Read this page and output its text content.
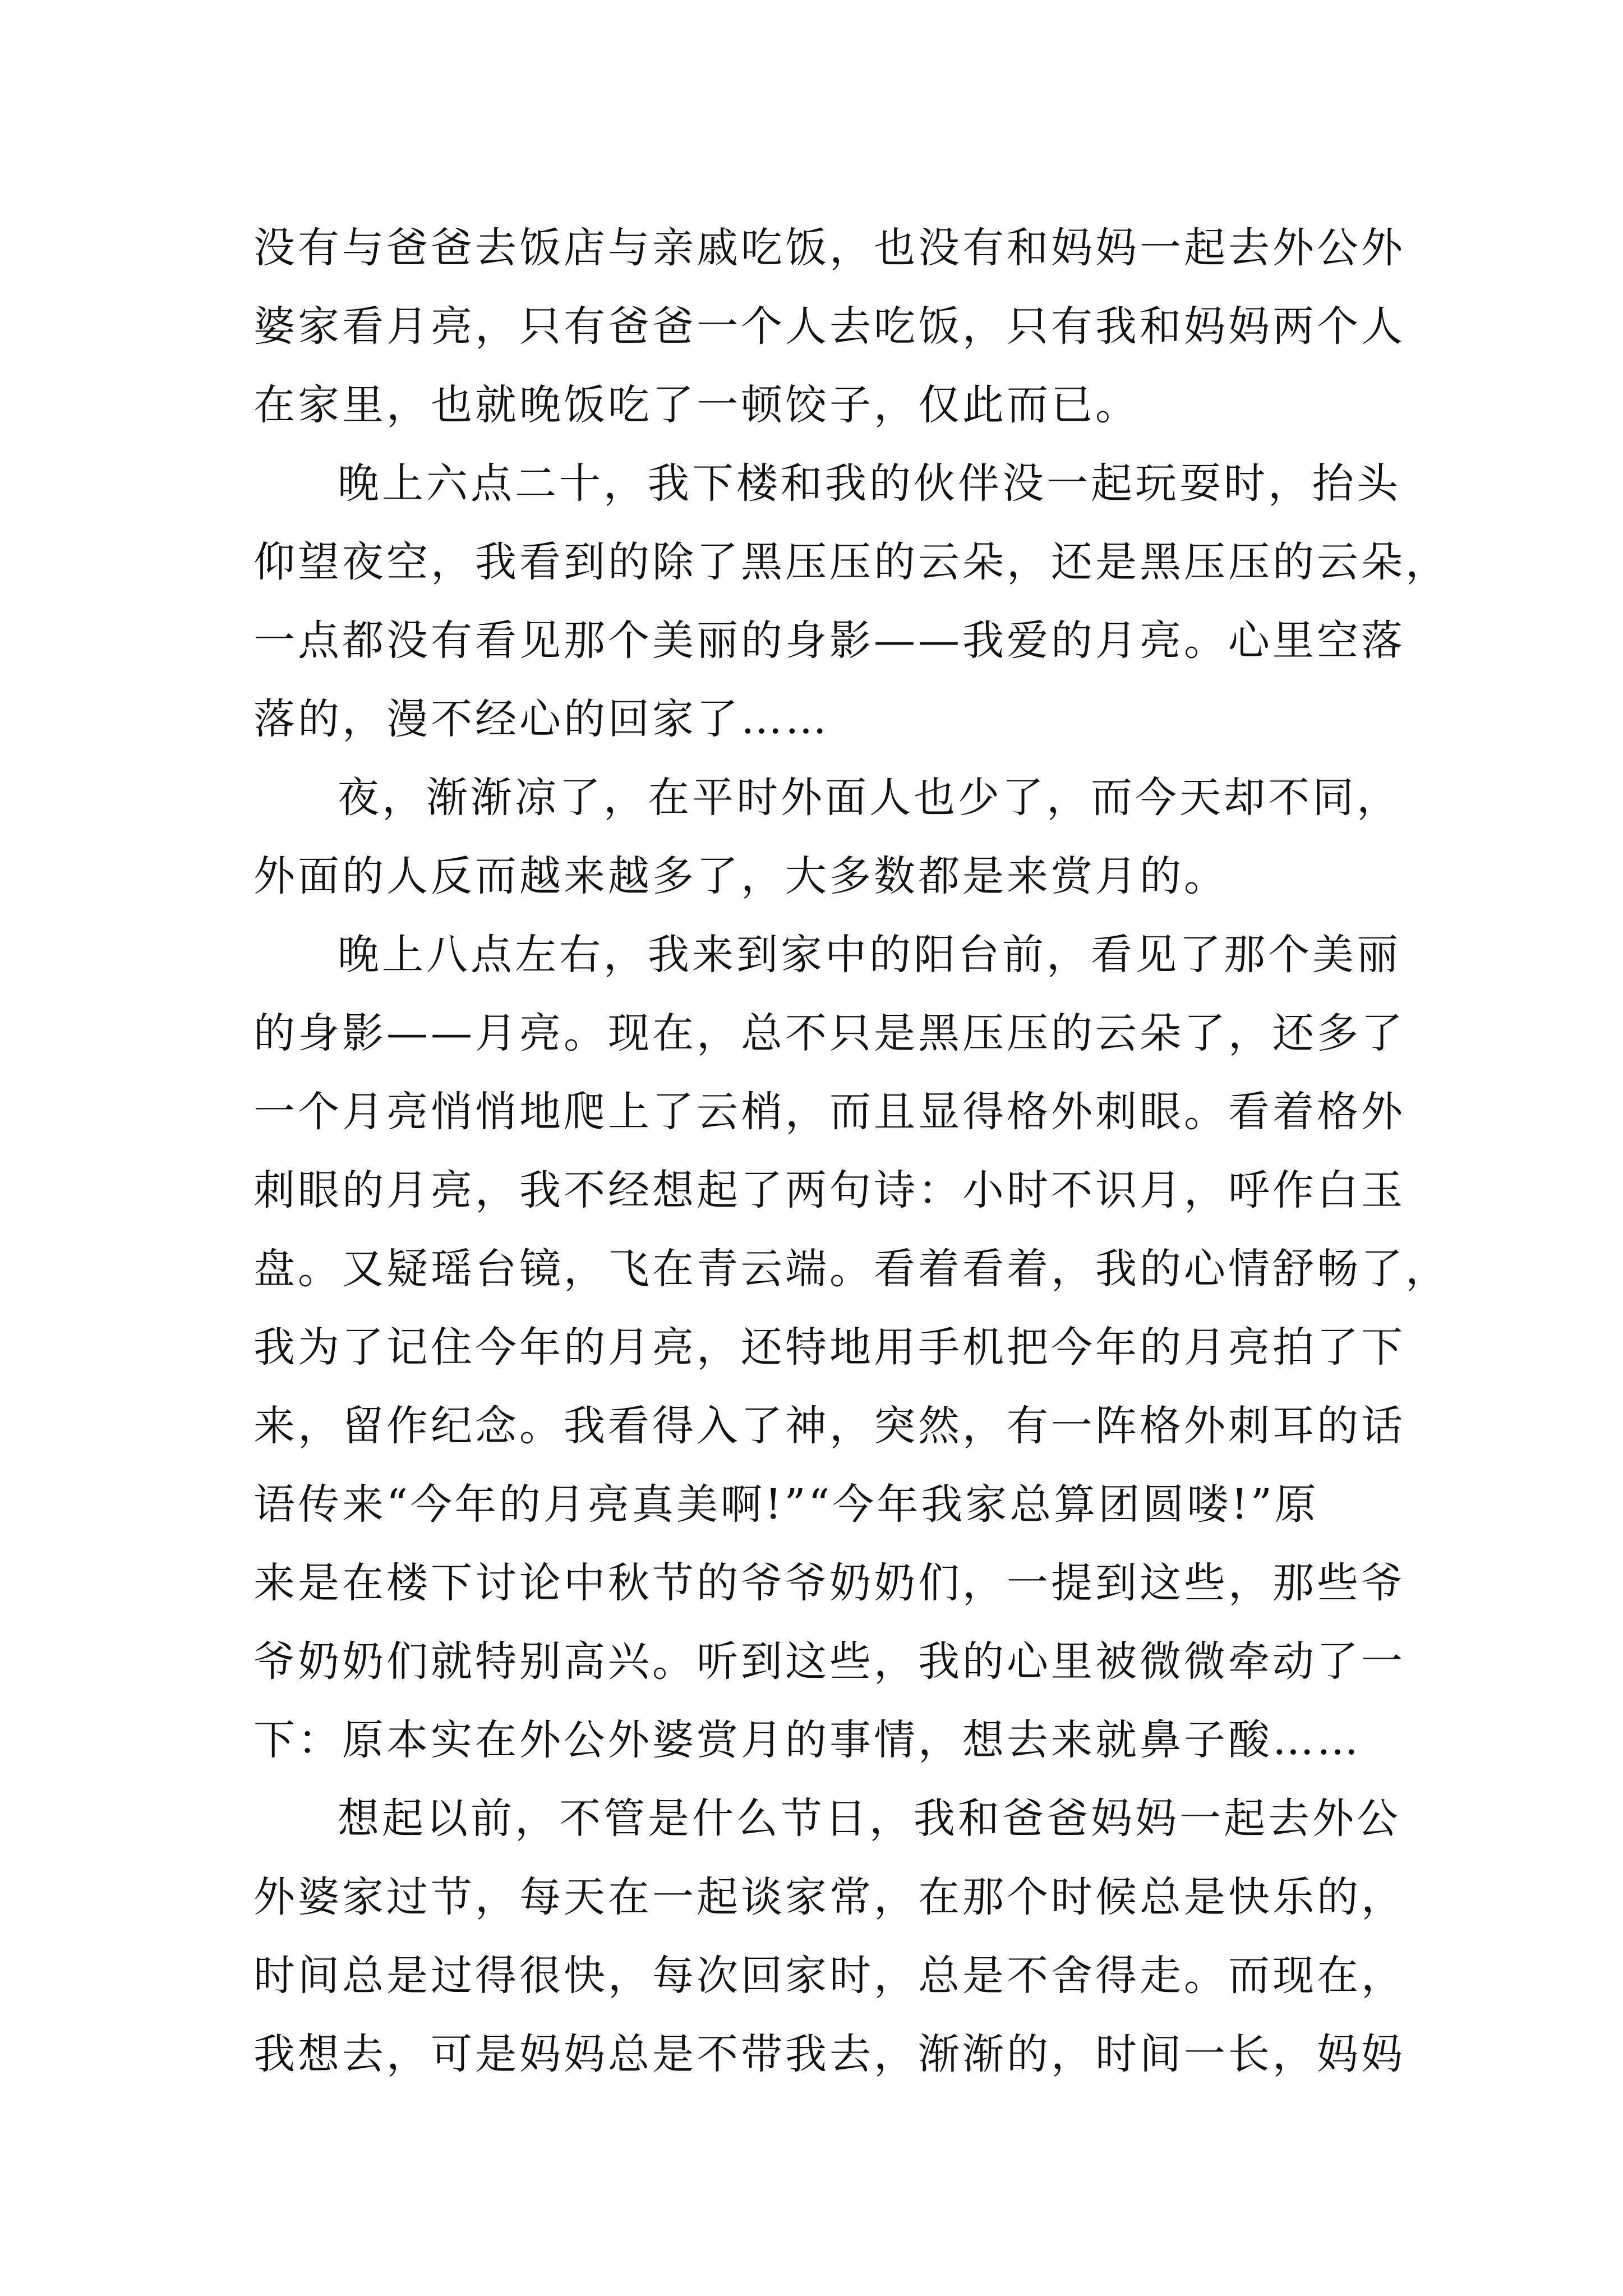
没有与爸爸去饭店与亲戚吃饭，也没有和妈妈一起去外公外
婆家看月亮，只有爸爸一个人去吃饭，只有我和妈妈两个人
在家里，也就晚饭吃了一顿饺子，仅此而已。
晚上六点二十，我下楼和我的伙伴没一起玩耍时，抬头
仰望夜空，我看到的除了黑压压的云朵，还是黑压压的云朵，
一点都没有看见那个美丽的身影——我爱的月亮。心里空落
落的，漫不经心的回家了……
夜，渐渐凉了，在平时外面人也少了，而今天却不同，
外面的人反而越来越多了，大多数都是来赏月的。
晚上八点左右，我来到家中的阳台前，看见了那个美丽
的身影——月亮。现在，总不只是黑压压的云朵了，还多了
一个月亮悄悄地爬上了云梢，而且显得格外刺眼。看着格外
刺眼的月亮，我不经想起了两句诗：小时不识月，呼作白玉
盘。又疑瑶台镜，飞在青云端。看着看着，我的心情舒畅了，
我为了记住今年的月亮，还特地用手机把今年的月亮拍了下
来，留作纪念。我看得入了神，突然，有一阵格外刺耳的话
语传来“今年的月亮真美啊!”“今年我家总算团圆喽!”原
来是在楼下讨论中秋节的爷爷奶奶们，一提到这些，那些爷
爷奶奶们就特别高兴。听到这些，我的心里被微微牵动了一
下：原本实在外公外婆赏月的事情，想去来就鼻子酸……
想起以前，不管是什么节日，我和爸爸妈妈一起去外公
外婆家过节，每天在一起谈家常，在那个时候总是快乐的，
时间总是过得很快，每次回家时，总是不舍得走。而现在，
我想去，可是妈妈总是不带我去，渐渐的，时间一长，妈妈
